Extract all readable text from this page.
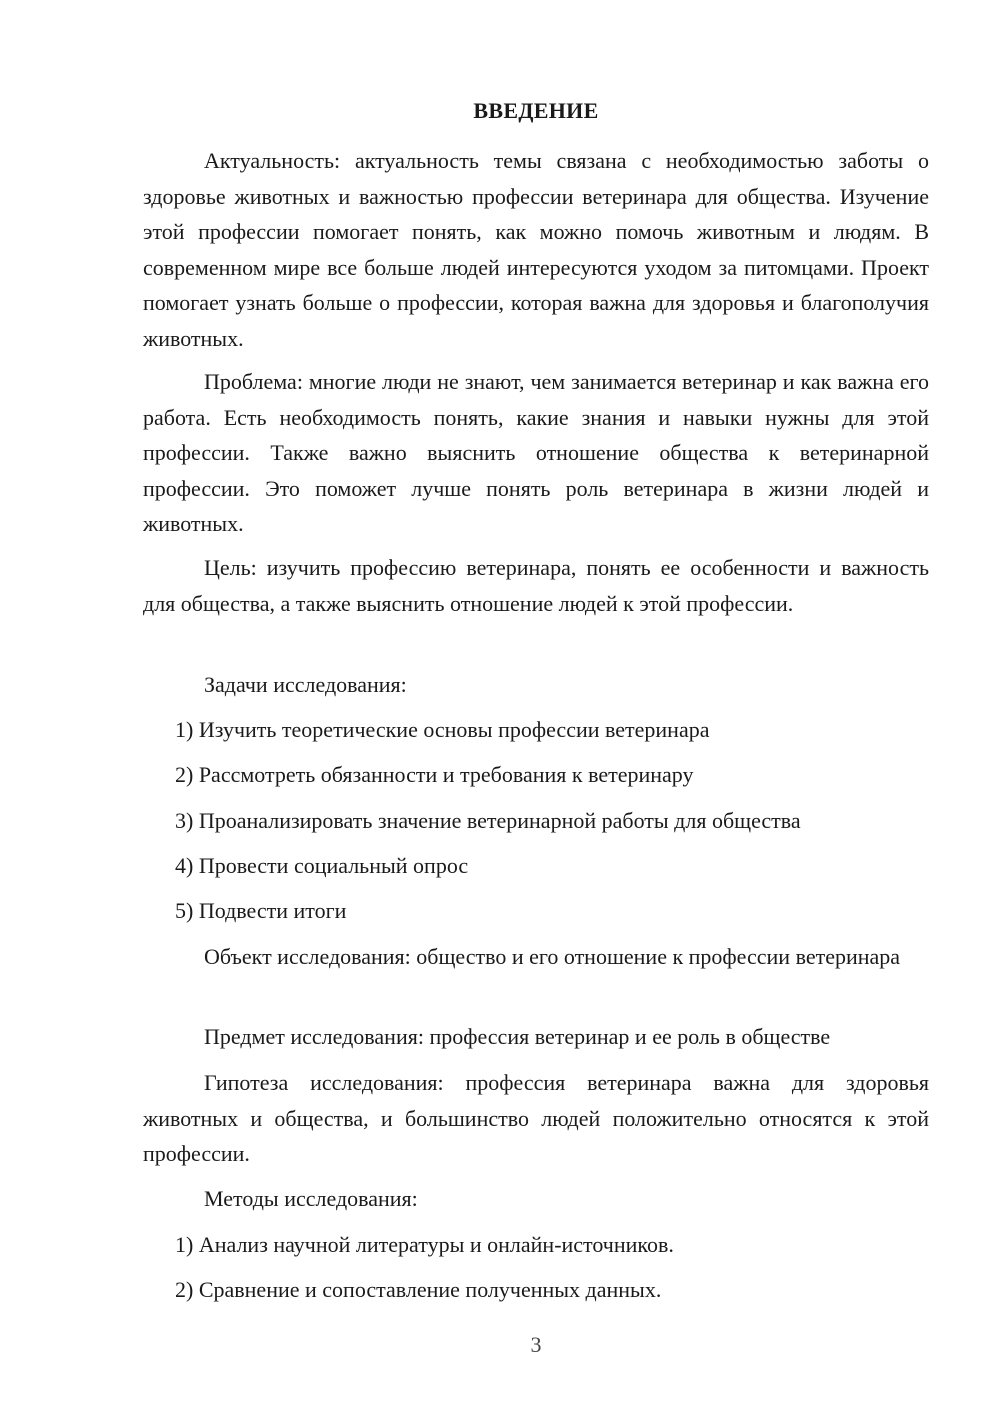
ВВЕДЕНИЕ

Актуальность: актуальность темы связана с необходимостью заботы о здоровье животных и важностью профессии ветеринара для общества. Изучение этой профессии помогает понять, как можно помочь животным и людям. В современном мире все больше людей интересуются уходом за питомцами. Проект помогает узнать больше о профессии, которая важна для здоровья и благополучия животных.

Проблема: многие люди не знают, чем занимается ветеринар и как важна его работа. Есть необходимость понять, какие знания и навыки нужны для этой профессии. Также важно выяснить отношение общества к ветеринарной профессии. Это поможет лучше понять роль ветеринара в жизни людей и животных.

Цель: изучить профессию ветеринара, понять ее особенности и важность для общества, а также выяснить отношение людей к этой профессии.

Задачи исследования:

1) Изучить теоретические основы профессии ветеринара

2) Рассмотреть обязанности и требования к ветеринару

3) Проанализировать значение ветеринарной работы для общества

4) Провести социальный опрос

5) Подвести итоги

Объект исследования: общество и его отношение к профессии ветеринара

Предмет исследования: профессия ветеринар и ее роль в обществе

Гипотеза исследования: профессия ветеринара важна для здоровья животных и общества, и большинство людей положительно относятся к этой профессии.

Методы исследования:

1) Анализ научной литературы и онлайн-источников.

2) Сравнение и сопоставление полученных данных.

3
